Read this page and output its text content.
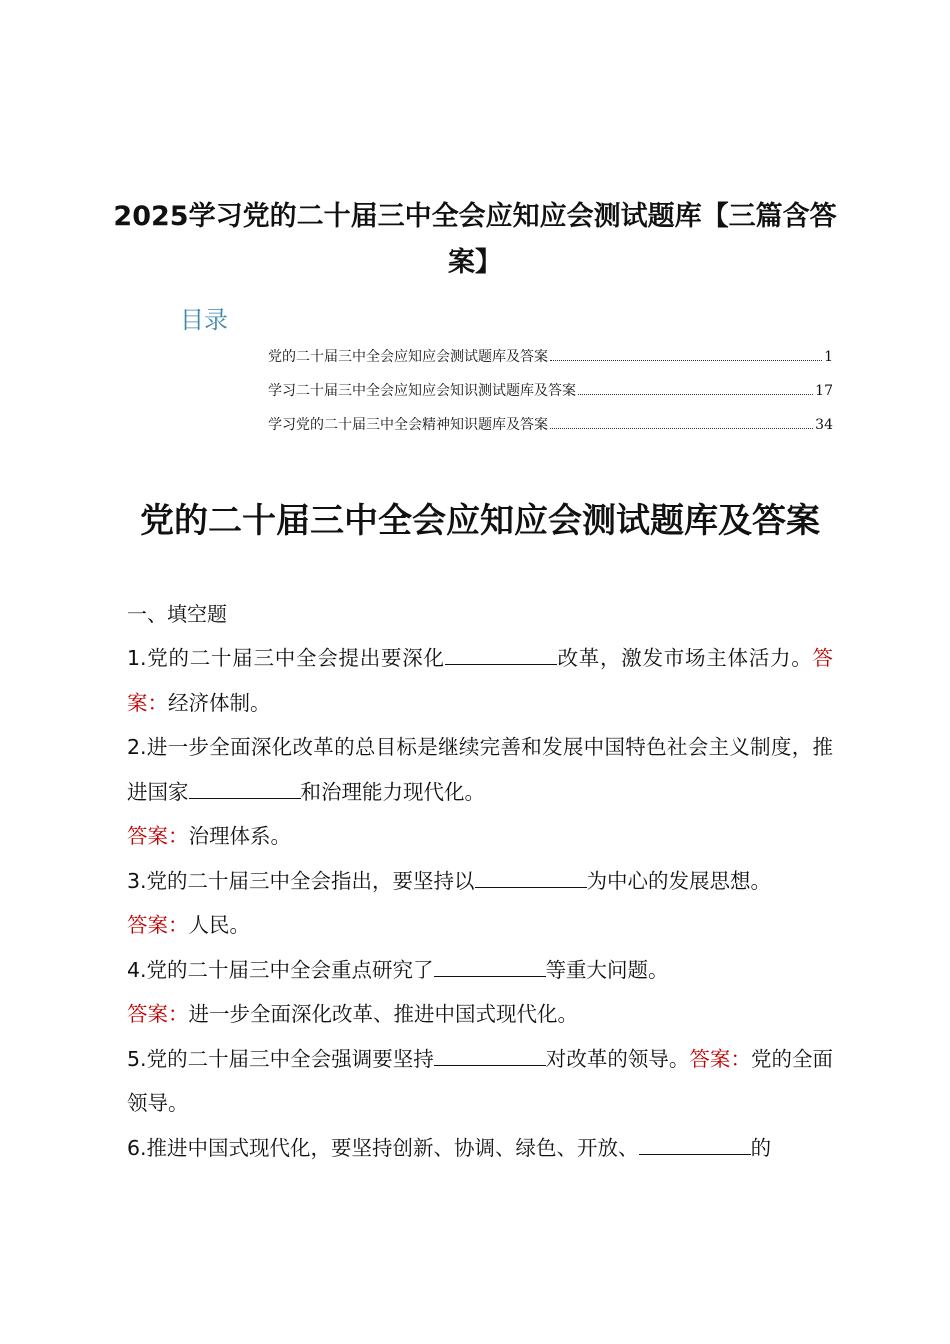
2025学习党的二十届三中全会应知应会测试题库【三篇含答案】
目录
党的二十届三中全会应知应会测试题库及答案	1
学习二十届三中全会应知应会知识测试题库及答案	17
学习党的二十届三中全会精神知识题库及答案	34
党的二十届三中全会应知应会测试题库及答案
一、填空题

1.党的二十届三中全会提出要深化	改革，激发市场主体活力。答案：经济体制。

2.进一步全面深化改革的总目标是继续完善和发展中国特色社会主义制度，推进国家	和治理能力现代化。

答案：治理体系。

3.党的二十届三中全会指出，要坚持以	为中心的发展思想。

答案：人民。

4.党的二十届三中全会重点研究了	等重大问题。

答案：进一步全面深化改革、推进中国式现代化。

5.党的二十届三中全会强调要坚持	对改革的领导。答案：党的全面领导。

6.推进中国式现代化，要坚持创新、协调、绿色、开放、	的
